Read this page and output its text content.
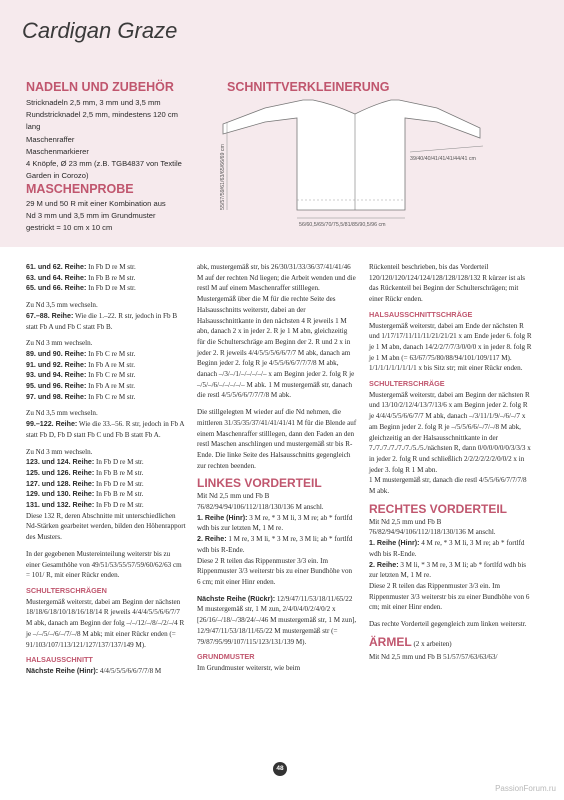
Cardigan Graze
NADELN UND ZUBEHÖR
Stricknadeln 2,5 mm, 3 mm und 3,5 mm
Rundstricknadel 2,5 mm, mindestens 120 cm
lang
Maschenraffer
Maschenmarkierer
4 Knöpfe, Ø 23 mm (z.B. TGB4837 von Textile
Garden in Corozo)
MASCHENPROBE
29 M und 50 R mit einer Kombination aus
Nd 3 mm und 3,5 mm im Grundmuster
gestrickt = 10 cm x 10 cm
SCHNITTVERKLEINERUNG
39/40/40/41/41/41/44/41 cm
55/57/59/61/63/65/66/69 cm
56/60,5/65/70/75,5/81/85/90,5/96 cm

61. und 62. Reihe: In Fb D re M str.

63. und 64. Reihe: In Fb B re M str.

65. und 66. Reihe: In Fb D re M str.

Zu Nd 3,5 mm wechseln.

67.–88. Reihe: Wie die 1.–22. R str, jedoch in Fb B statt Fb A und Fb C statt Fb B.

Zu Nd 3 mm wechseln.

89. und 90. Reihe: In Fb C re M str.

91. und 92. Reihe: In Fb A re M str.

93. und 94. Reihe: In Fb C re M str.

95. und 96. Reihe: In Fb A re M str.

97. und 98. Reihe: In Fb C re M str.

Zu Nd 3,5 mm wechseln.

99.–122. Reihe: Wie die 33.–56. R str, jedoch in Fb A statt Fb D, Fb D statt Fb C und Fb B statt Fb A.

Zu Nd 3 mm wechseln.

123. und 124. Reihe: In Fb D re M str.

125. und 126. Reihe: In Fb B re M str.

127. und 128. Reihe: In Fb D re M str.

129. und 130. Reihe: In Fb B re M str.

131. und 132. Reihe: In Fb D re M str.

Diese 132 R, deren Abschnitte mit unterschiedlichen Nd-Stärken gearbeitet werden, bilden den Höhenrapport des Musters.

In der gegebenen Mustereinteilung weiterstr bis zu einer Gesamthöhe von 49/51/53/55/57/59/60/62/63 cm = 101/ R, mit einer Rückr enden.

SCHULTERSCHRÄGEN

Mustergemäß weiterstr, dabei am Beginn der nächsten 18/18/6/18/10/18/16/18/14 R jeweils 4/4/4/5/5/6/6/7/7 M abk, danach am Beginn der folg –/–/12/–/8/–/2/–/4 R je –/–/5/–/6/–/7/–/8 M abk; mit einer Rückr enden (= 91/103/107/113/121/127/137/137/149 M).

HALSAUSSCHNITT

Nächste Reihe (Hinr): 4/4/5/5/5/6/6/7/7/8 M

abk, mustergemäß str, bis 26/30/31/33/36/37/41/41/46 M auf der rechten Nd liegen; die Arbeit wenden und die restl M auf einem Maschenraffer stilllegen.

Mustergemäß über die M für die rechte Seite des Halsausschnitts weiterstr, dabei an der Halsausschnittkante in den nächsten 4 R jeweils 1 M abn, danach 2 x in jeder 2. R je 1 M abn, gleichzeitig für die Schulterschräge am Beginn der 2. R und 2 x in jeder 2. R jeweils 4/4/5/5/5/6/6/7/7 M abk, danach am Beginn jeder 2. folg R je 4/5/5/6/6/7/7/7/8 M abk, danach –/3/–/1/–/–/–/–/– x am Beginn jeder 2. folg R je –/5/–/6/–/–/–/–/– M abk. 1 M mustergemäß str, danach die restl 4/5/5/6/6/7/7/7/8 M abk.

Die stillgelegten M wieder auf die Nd nehmen, die mittleren 31/35/35/37/41/41/41/41 M für die Blende auf einem Maschenraffer stilllegen, dann den Faden an den restl Maschen anschlingen und mustergemäß str bis R-Ende. Die linke Seite des Halsausschnitts gegengleich zur rechten beenden.

LINKES VORDERTEIL

Mit Nd 2,5 mm und Fb B 76/82/94/94/106/112/118/130/136 M anschl.

1. Reihe (Hinr): 3 M re, * 3 M li, 3 M re; ab * fortlfd wdh bis zur letzten M, 1 M re.

2. Reihe: 1 M re, 3 M li, * 3 M re, 3 M li; ab * fortlfd wdh bis R-Ende.

Diese 2 R teilen das Rippenmuster 3/3 ein. Im Rippenmuster 3/3 weiterstr bis zu einer Bundhöhe von 6 cm; mit einer Hinr enden.

Nächste Reihe (Rückr): 12/9/47/11/53/18/11/65/22 M mustergemäß str, 1 M zun, 2/4/0/4/0/2/4/0/2 x [26/16/–/18/–/38/24/–/46 M mustergemäß str, 1 M zun], 12/9/47/11/53/18/11/65/22 M mustergemäß str (= 79/87/95/99/107/115/123/131/139 M).

GRUNDMUSTER

Im Grundmuster weiterstr, wie beim

Rückenteil beschrieben, bis das Vorderteil 120/120/120/124/124/128/128/128/132 R kürzer ist als das Rückenteil bei Beginn der Schulterschrägen; mit einer Rückr enden.

HALSAUSSCHNITTSCHRÄGE

Mustergemäß weiterstr, dabei am Ende der nächsten R und 1/17/17/11/11/11/21/21/21 x am Ende jeder 6. folg R je 1 M abn, danach 14/2/2/7/7/3/0/0/0 x in jeder 8. folg R je 1 M abn (= 63/67/75/80/88/94/101/109/117 M). 1/1/1/1/1/1/1/1/1 x bis Sitz str; mit einer Rückr enden.

SCHULTERSCHRÄGE

Mustergemäß weiterstr, dabei am Beginn der nächsten R und 13/10/2/12/4/13/7/13/6 x am Beginn jeder 2. folg R je 4/4/4/5/5/6/6/7/7 M abk, danach –/3/11/1/9/–/6/–/7 x am Beginn jeder 2. folg R je –/5/5/6/6/–/7/–/8 M abk, gleichzeitig an der Halsausschnittkante in der 7./7./7./7./7./7./5./5./nächsten R, dann 0/0/0/0/0/0/3/3/3 x in jeder 2. folg R und schließlich 2/2/2/2/2/2/0/0/2 x in jeder 3. folg R 1 M abn.

1 M mustergemäß str, danach die restl 4/5/5/6/6/7/7/7/8 M abk.

RECHTES VORDERTEIL

Mit Nd 2,5 mm und Fb B 76/82/94/94/106/112/118/130/136 M anschl.

1. Reihe (Hinr): 4 M re, * 3 M li, 3 M re; ab * fortlfd wdh bis R-Ende.

2. Reihe: 3 M li, * 3 M re, 3 M li; ab * fortlfd wdh bis zur letzten M, 1 M re.

Diese 2 R teilen das Rippenmuster 3/3 ein. Im Rippenmuster 3/3 weiterstr bis zu einer Bundhöhe von 6 cm; mit einer Hinr enden.

Das rechte Vorderteil gegengleich zum linken weiterstr.

ÄRMEL (2 x arbeiten)

Mit Nd 2,5 mm und Fb B 51/57/57/63/63/63/

48
PassionForum.ru
